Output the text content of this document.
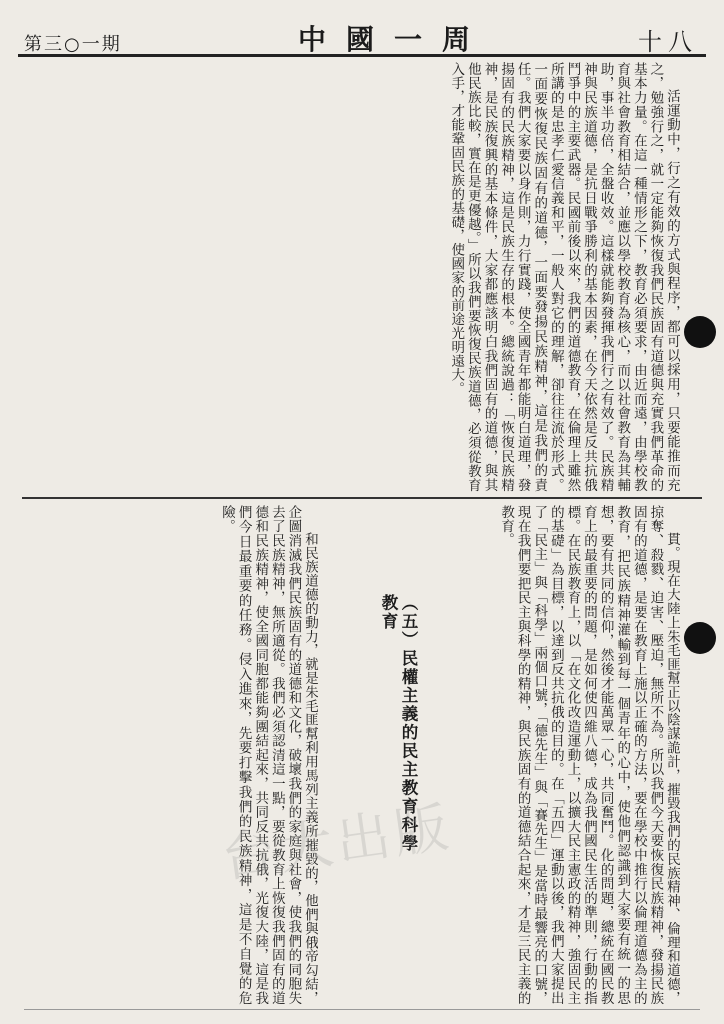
第三○一期	中國一周	十八

活運動中，行之有效的方式與程序，都可以採用，只要能推而充之，勉強行之，就一定能夠恢復我們民族固有道德與充實我們革命的基本力量。在這一種情形之下，教育必須要求，由近而遠，由學校教育與社會教育相結合，並應以學校教育為核心，而以社會教育為其輔助，事半功倍，全盤收效。這樣就能夠發揮我們行之有效了。民族精神與民族道德，是抗日戰爭勝利的基本因素，在今天依然是反共抗俄鬥爭中的主要武器。民國前後以來，我們的道德教育，在倫理上雖然所講的是忠孝仁愛信義和平，一般人對它的理解，卻往往流於形式。一面要恢復民族固有的道德，一面要發揚民族精神，這是我們的責任。我們大家要以身作則，力行實踐，使全國青年都能明白道理，發揚固有的民族精神，這是民族生存的根本。總統說過：「恢復民族精神，是民族復興的基本條件，大家都應該明白我們固有的道德，與其他民族比較，實在是更優越。」所以我們要恢復民族道德，必須從教育入手，才能鞏固民族的基礎，使國家的前途光明遠大。

貫。現在大陸上朱毛匪幫正以陰謀詭計，摧毀我們的民族精神、倫理和道德，掠奪、殺戮、迫害、壓迫，無所不為。所以我們今天要恢復民族精神，發揚民族固有的道德，是要在教育上施以正確的方法，要在學校中推行以倫理道德為主的教育，把民族精神灌輸到每一個青年的心中，使他們認識到大家要有統一的思想，要有共同的信仰，然後才能萬眾一心，共同奮鬥。化的問題，總統在國民教育上的最重要的問題，是如何使四維八德，成為我們國民生活的準則，行動的指標。在民族教育上，以「在文化改造運動上，以擴大民主憲政的精神，強固民主的基礎」為目標，以達到反共抗俄的目的。在「五四」運動以後，我們大家提出了「民主」與「科學」兩個口號，「德先生」與「賽先生」是當時最響亮的口號，現在我們要把民主與科學的精神，與民族固有的道德結合起來，才是三民主義的教育。

和民族道德的動力，就是朱毛匪幫利用馬列主義所摧毀的，他們與俄帝勾結，企圖消滅我們民族固有的道德和文化，破壞我們的家庭與社會，使我們的同胞失去了民族精神，無所適從。我們必須認清這一點，要從教育上恢復我們固有的道德和民族精神，使全國同胞都能夠團結起來，共同反共抗俄，光復大陸，這是我們今日最重要的任務。侵入進來，先要打擊我們的民族精神，這是不自覺的危險。

（五）民權主義的民主教育科學教育
台大出版
